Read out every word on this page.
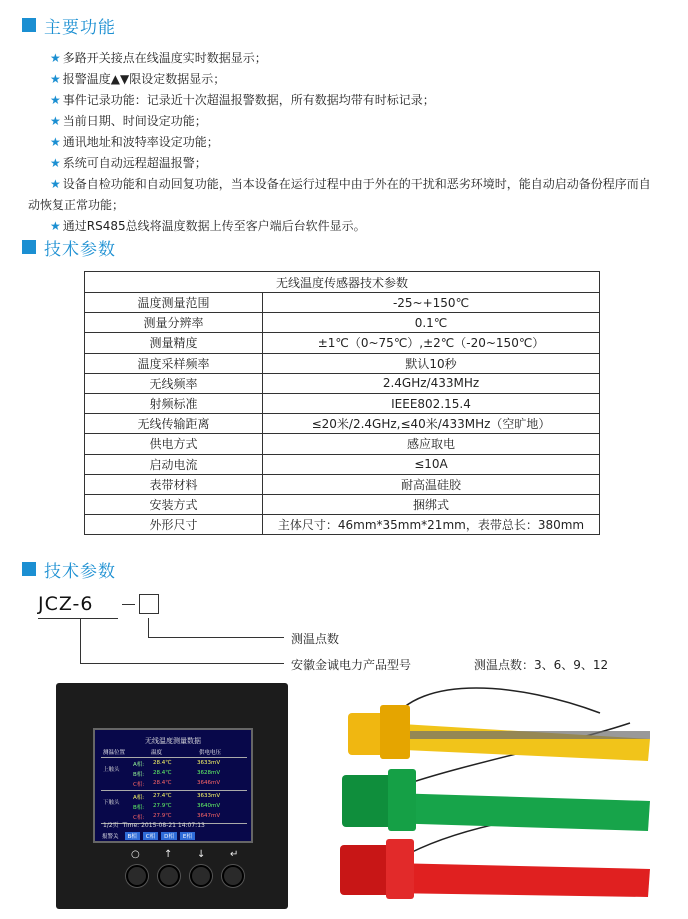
主要功能
★ 多路开关接点在线温度实时数据显示；
★ 报警温度▲▼限设定数据显示；
★ 事件记录功能：记录近十次超温报警数据，所有数据均带有时标记录；
★ 当前日期、时间设定功能；
★ 通讯地址和波特率设定功能；
★ 系统可自动远程超温报警；
★ 设备自检功能和自动回复功能，当本设备在运行过程中由于外在的干扰和恶劣环境时，能自动启动备份程序而自动恢复正常功能；
★ 通过RS485总线将温度数据上传至客户端后台软件显示。
技术参数
无线温度传感器技术参数	
温度测量范围	-25~+150℃
测量分辨率	0.1℃
测量精度	±1℃（0~75℃）,±2℃（-20~150℃）
温度采样频率	默认10秒
无线频率	2.4GHz/433MHz
射频标准	IEEE802.15.4
无线传输距离	≤20米/2.4GHz,≤40米/433MHz（空旷地）
供电方式	感应取电
启动电流	≤10A
表带材料	耐高温硅胶
安装方式	捆绑式
外形尺寸	主体尺寸：46mm*35mm*21mm，表带总长：380mm
技术参数
JCZ-6
测温点数
安徽金诚电力产品型号	测温点数：3、6、9、12
无线温度测量数据
测温位置	温度	供电电压
上触头
A相:	28.4℃	3633mV
B相:	28.4℃	3628mV
C相:	28.4℃	3646mV
下触头
A相:	27.4℃	3633mV
B相:	27.9℃	3640mV
C相:	27.9℃	3647mV
1/2页 Time: 2015-08-21 14:07:13
报警关	B相	C相	D相	E相
○ ↑ ↓ ↵
